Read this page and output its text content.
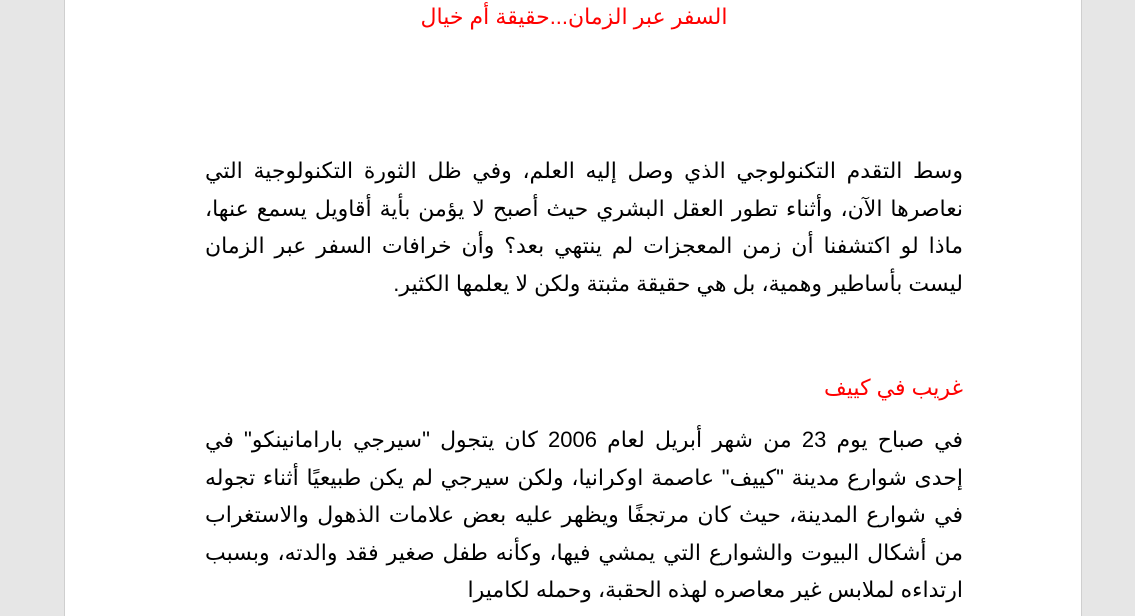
السفر عبر الزمان...حقيقة أم خيال

وسط التقدم التكنولوجي الذي وصل إليه العلم، وفي ظل الثورة التكنولوجية التي نعاصرها الآن، وأثناء تطور العقل البشري حيث أصبح لا يؤمن بأية أقاويل يسمع عنها، ماذا لو اكتشفنا أن زمن المعجزات لم ينتهي بعد؟ وأن خرافات السفر عبر الزمان ليست بأساطير وهمية، بل هي حقيقة مثبتة ولكن لا يعلمها الكثير.

غريب في كييف

في صباح يوم 23 من شهر أبريل لعام 2006 كان يتجول "سيرجي بارامانينكو" في إحدى شوارع مدينة "كييف" عاصمة اوكرانيا، ولكن سيرجي لم يكن طبيعيًا أثناء تجوله في شوارع المدينة، حيث كان مرتجفًا ويظهر عليه بعض علامات الذهول والاستغراب من أشكال البيوت والشوارع التي يمشي فيها، وكأنه طفل صغير فقد والدته، وبسبب ارتداءه لملابس غير معاصره لهذه الحقبة، وحمله لكاميرا
